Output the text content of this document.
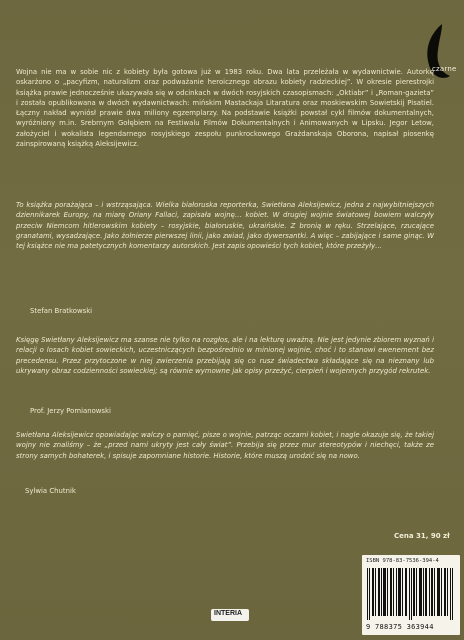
czarne
Wojna nie ma w sobie nic z kobiety była gotowa już w 1983 roku. Dwa lata przeleżała w wydawnictwie. Autorkę oskarżono o „pacyfizm, naturalizm oraz podważanie heroicznego obrazu kobiety radzieckiej”. W okresie pierestrojki książka prawie jednocześnie ukazywała się w odcinkach w dwóch rosyjskich czasopismach: „Oktiabr” i „Roman-gazieta” i została opublikowana w dwóch wydawnictwach: mińskim Mastackaja Litaratura oraz moskiewskim Sowietskij Pisatiel. Łączny nakład wyniósł prawie dwa miliony egzemplarzy. Na podstawie książki powstał cykl filmów dokumentalnych, wyróżniony m.in. Srebrnym Gołębiem na Festiwalu Filmów Dokumentalnych i Animowanych w Lipsku. Jegor Letow, założyciel i wokalista legendarnego rosyjskiego zespołu punkrockowego Grażdanskaja Oborona, napisał piosenkę zainspirowaną książką Aleksijewicz.
To książka porażająca – i wstrząsająca. Wielka białoruska reporterka, Swietłana Aleksijewicz, jedna z najwybitniejszych dziennikarek Europy, na miarę Oriany Fallaci, zapisała wojnę… kobiet. W drugiej wojnie światowej bowiem walczyły przeciw Niemcom hitlerowskim kobiety – rosyjskie, białoruskie, ukraińskie. Z bronią w ręku. Strzelające, rzucające granatami, wysadzające. Jako żołnierze pierwszej linii, jako zwiad, jako dywersantki. A więc – zabijające i same ginąc. W tej książce nie ma patetycznych komentarzy autorskich. Jest zapis opowieści tych kobiet, które przeżyły…
Stefan Bratkowski
Księgę Swietłany Aleksijewicz ma szanse nie tylko na rozgłos, ale i na lekturę uważną. Nie jest jedynie zbiorem wyznań i relacji o losach kobiet sowieckich, uczestniczących bezpośrednio w minionej wojnie, choć i to stanowi ewenement bez precedensu. Przez przytoczone w niej zwierzenia przebijają się co rusz świadectwa składające się na nieznany lub ukrywany obraz codzienności sowieckiej; są równie wymowne jak opisy przeżyć, cierpień i wojennych przygód rekrutek.
Prof. Jerzy Pomianowski
Swietłana Aleksijewicz opowiadając walczy o pamięć, pisze o wojnie, patrząc oczami kobiet, i nagle okazuje się, że takiej wojny nie znaliśmy – że „przed nami ukryty jest cały świat”. Przebija się przez mur stereotypów i niechęci, także ze strony samych bohaterek, i spisuje zapomniane historie. Historie, które muszą urodzić się na nowo.
Sylwia Chutnik
Cena 31, 90 zł
ISBN 978-83-7536-394-4
9 788375 363944
INTERIA
